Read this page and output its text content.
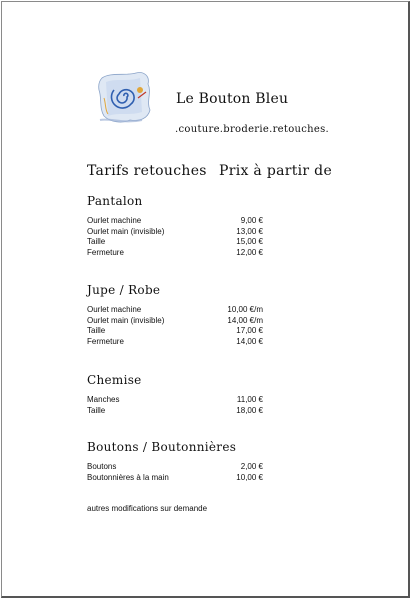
Le Bouton Bleu
.couture.broderie.retouches.
Tarifs retouches Prix à partir de
Pantalon
Ourlet machine	9,00 €
Ourlet main (invisible)	13,00 €
Taille	15,00 €
Fermeture	12,00 €
Jupe / Robe
Ourlet machine	10,00 €/m
Ourlet main (invisible)	14,00 €/m
Taille	17,00 €
Fermeture	14,00 €
Chemise
Manches	11,00 €
Taille	18,00 €
Boutons / Boutonnières
Boutons	2,00 €
Boutonnières à la main	10,00 €
autres modifications sur demande
